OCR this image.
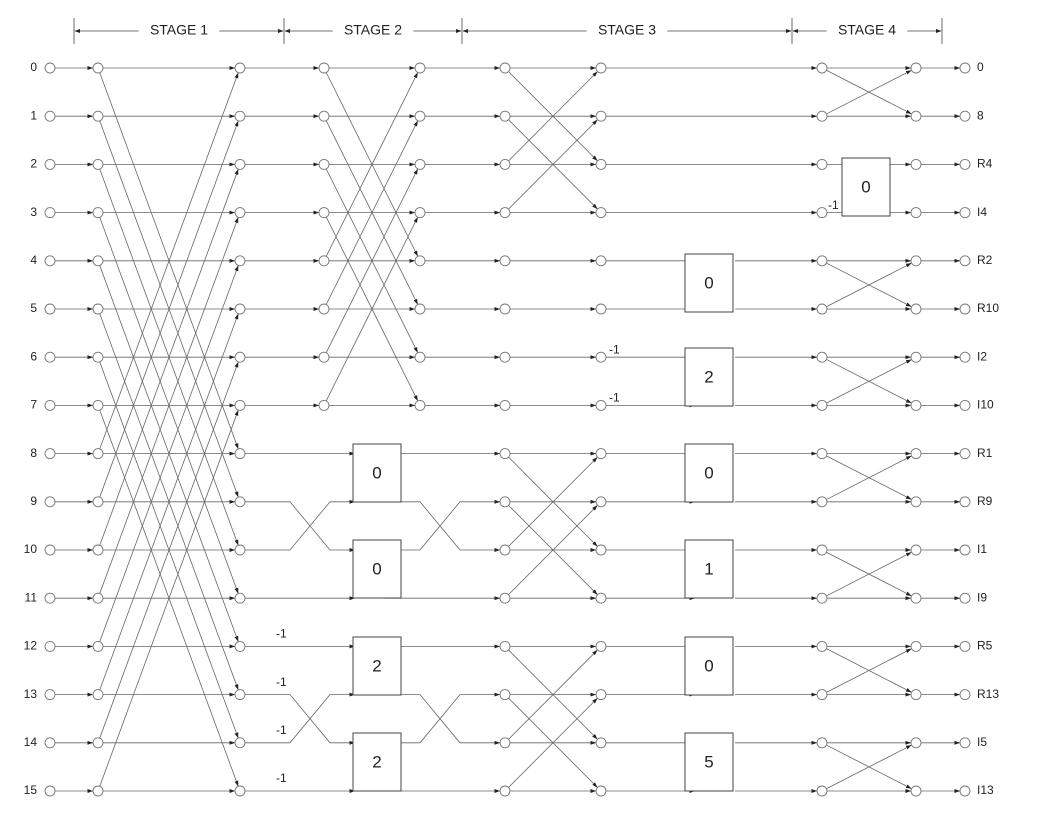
STAGE 1	STAGE 2	STAGE 3	STAGE 4
0
1
2
3
4
5
6
7
8
9
10
11
12
13
14
15
0
0
2
2
-1
-1
-1
-1
-1
-1
0
2
0
1
0
5
0
-1
0
8
R4
I4
R2
R10
I2
I10
R1
R9
I1
I9
R5
R13
I5
I13
